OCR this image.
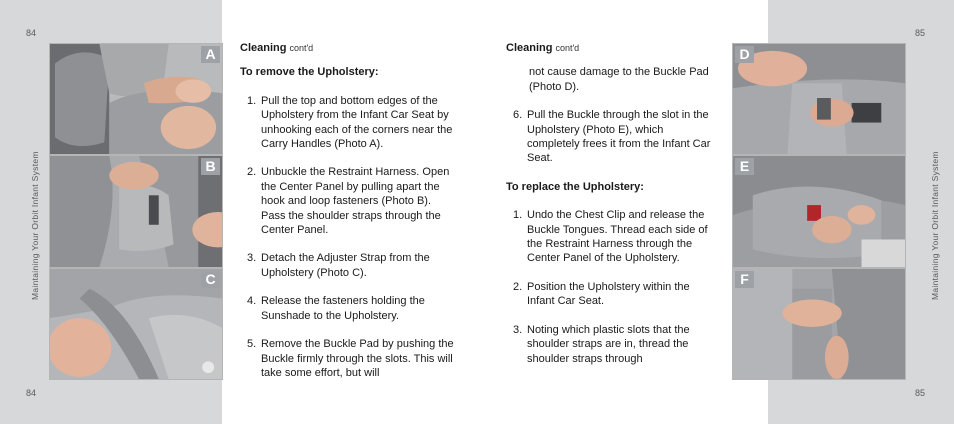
84
84
Maintaining Your Orbit Infant System
A
B
C
Cleaning cont'd
To remove the Upholstery:
1. Pull the top and bottom edges of the Upholstery from the Infant Car Seat by unhooking each of the corners near the Carry Handles (Photo A).
2. Unbuckle the Restraint Harness. Open the Center Panel by pulling apart the hook and loop fasteners (Photo B). Pass the shoulder straps through the Center Panel.
3. Detach the Adjuster Strap from the Upholstery (Photo C).
4. Release the fasteners holding the Sunshade to the Upholstery.
5. Remove the Buckle Pad by pushing the Buckle firmly through the slots. This will take some effort, but will
Cleaning cont'd

not cause damage to the Buckle Pad (Photo D).

6. Pull the Buckle through the slot in the Upholstery (Photo E), which completely frees it from the Infant Car Seat.
To replace the Upholstery:
1. Undo the Chest Clip and release the Buckle Tongues. Thread each side of the Restraint Harness through the Center Panel of the Upholstery.
2. Position the Upholstery within the Infant Car Seat.
3. Noting which plastic slots that the shoulder straps are in, thread the shoulder straps through
D
E
F
85
85
Maintaining Your Orbit Infant System
